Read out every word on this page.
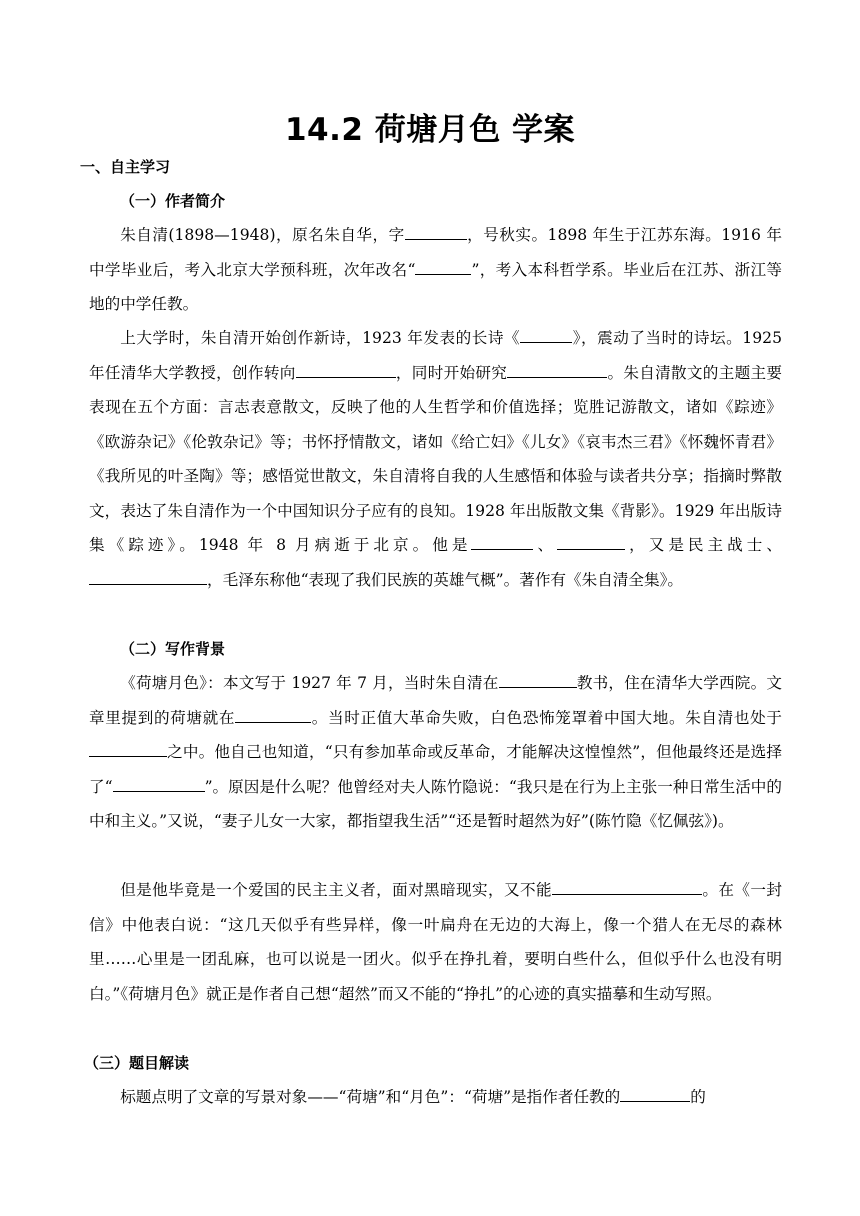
14.2 荷塘月色 学案
一、自主学习
（一）作者简介

朱自清(1898—1948)，原名朱自华，字	，号秋实。1898 年生于江苏东海。1916 年中学毕业后，考入北京大学预科班，次年改名“	”，考入本科哲学系。毕业后在江苏、浙江等地的中学任教。

上大学时，朱自清开始创作新诗，1923 年发表的长诗《	》，震动了当时的诗坛。1925 年任清华大学教授，创作转向	，同时开始研究	。朱自清散文的主题主要表现在五个方面：言志表意散文，反映了他的人生哲学和价值选择；览胜记游散文，诸如《踪迹》《欧游杂记》《伦敦杂记》等；书怀抒情散文，诸如《给亡妇》《儿女》《哀韦杰三君》《怀魏怀青君》《我所见的叶圣陶》等；感悟觉世散文，朱自清将自我的人生感悟和体验与读者共分享；指摘时弊散文，表达了朱自清作为一个中国知识分子应有的良知。1928 年出版散文集《背影》。1929 年出版诗集《踪迹》。1948 年 8 月病逝于北京。他是	、	，又是民主战士、，毛泽东称他“表现了我们民族的英雄气概”。著作有《朱自清全集》。

（二）写作背景

《荷塘月色》：本文写于 1927 年 7 月，当时朱自清在	教书，住在清华大学西院。文章里提到的荷塘就在	。当时正值大革命失败，白色恐怖笼罩着中国大地。朱自清也处于之中。他自己也知道，“只有参加革命或反革命，才能解决这惶惶然”，但他最终还是选择了“	”。原因是什么呢？他曾经对夫人陈竹隐说：“我只是在行为上主张一种日常生活中的中和主义。”又说，“妻子儿女一大家，都指望我生活”“还是暂时超然为好”(陈竹隐《忆佩弦》)。

但是他毕竟是一个爱国的民主主义者，面对黑暗现实，又不能	。在《一封信》中他表白说：“这几天似乎有些异样，像一叶扁舟在无边的大海上，像一个猎人在无尽的森林里……心里是一团乱麻，也可以说是一团火。似乎在挣扎着，要明白些什么，但似乎什么也没有明白。”《荷塘月色》就正是作者自己想“超然”而又不能的“挣扎”的心迹的真实描摹和生动写照。

（三）题目解读

标题点明了文章的写景对象——“荷塘”和“月色”：“荷塘”是指作者任教的	的
